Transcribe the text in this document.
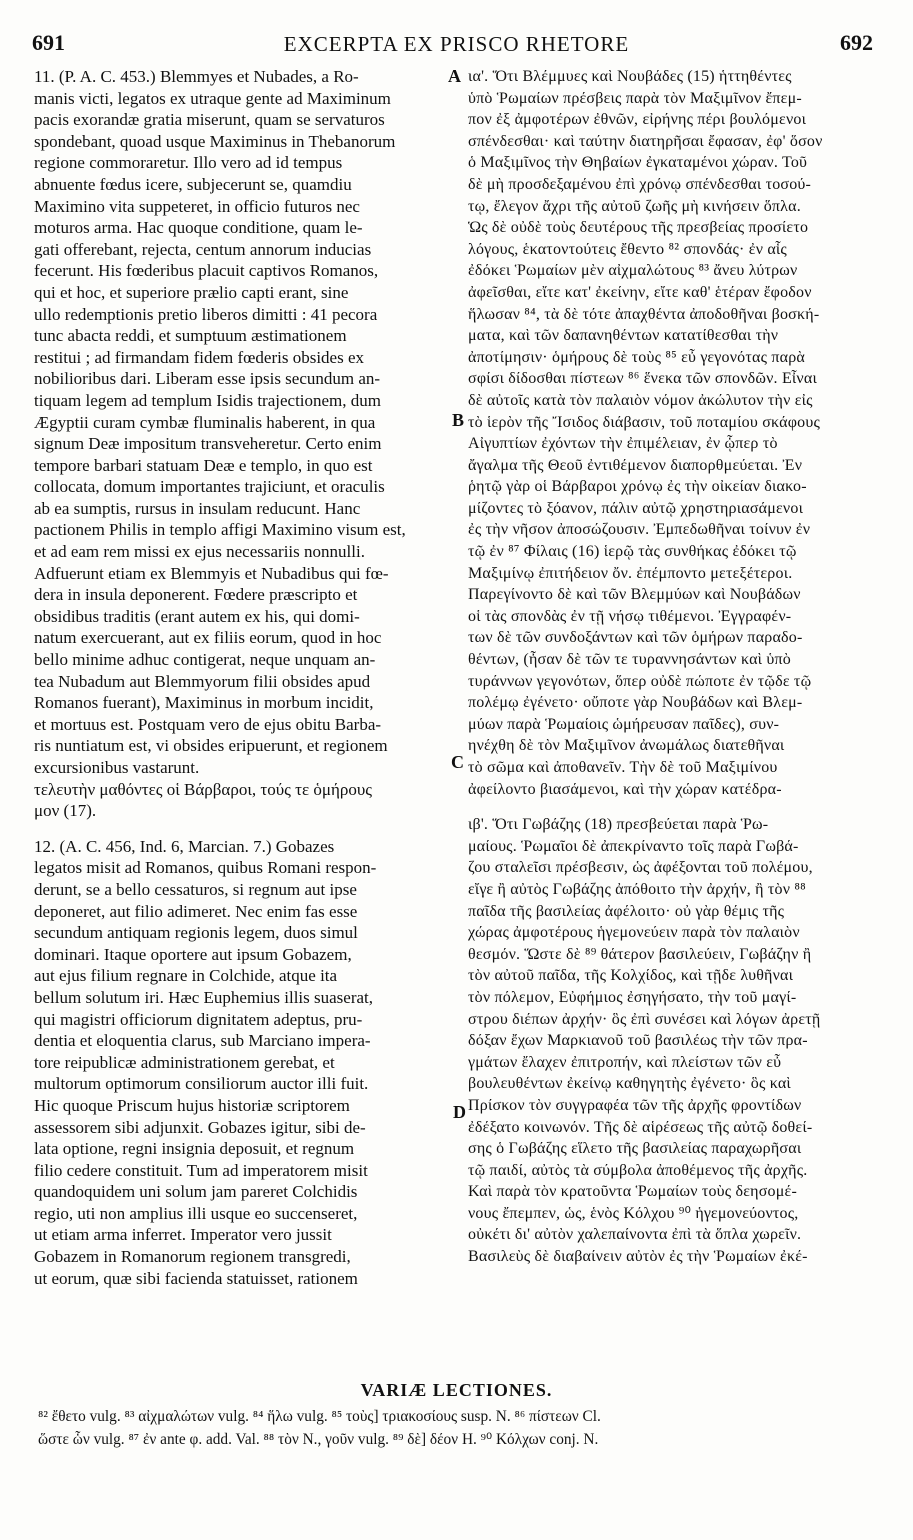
691	EXCERPTA EX PRISCO RHETORE	692
A
B
C
D
11. (P. A. C. 453.) Blemmyes et Nubades, a Ro-
manis victi, legatos ex utraque gente ad Maximinum
pacis exorandæ gratia miserunt, quam se servaturos
spondebant, quoad usque Maximinus in Thebanorum
regione commoraretur. Illo vero ad id tempus
abnuente fœdus icere, subjecerunt se, quamdiu
Maximino vita suppeteret, in officio futuros nec
moturos arma. Hac quoque conditione, quam le-
gati offerebant, rejecta, centum annorum inducias
fecerunt. His fœderibus placuit captivos Romanos,
qui et hoc, et superiore prælio capti erant, sine
ullo redemptionis pretio liberos dimitti : 41 pecora
tunc abacta reddi, et sumptuum æstimationem
restitui ; ad firmandam fidem fœderis obsides ex
nobilioribus dari. Liberam esse ipsis secundum an-
tiquam legem ad templum Isidis trajectionem, dum
Ægyptii curam cymbæ fluminalis haberent, in qua
signum Deæ impositum transveheretur. Certo enim
tempore barbari statuam Deæ e templo, in quo est
collocata, domum importantes trajiciunt, et oraculis
ab ea sumptis, rursus in insulam reducunt. Hanc
pactionem Philis in templo affigi Maximino visum est,
et ad eam rem missi ex ejus necessariis nonnulli.
Adfuerunt etiam ex Blemmyis et Nubadibus qui fœ-
dera in insula deponerent. Fœdere præscripto et
obsidibus traditis (erant autem ex his, qui domi-
natum exercuerant, aut ex filiis eorum, quod in hoc
bello minime adhuc contigerat, neque unquam an-
tea Nubadum aut Blemmyorum filii obsides apud
Romanos fuerant), Maximinus in morbum incidit,
et mortuus est. Postquam vero de ejus obitu Barba-
ris nuntiatum est, vi obsides eripuerunt, et regionem
excursionibus vastarunt.
τελευτὴν μαθόντες οἱ Βάρβαροι, τούς τε ὁμήρους
μον (17).
12. (A. C. 456, Ind. 6, Marcian. 7.) Gobazes
legatos misit ad Romanos, quibus Romani respon-
derunt, se a bello cessaturos, si regnum aut ipse
deponeret, aut filio adimeret. Nec enim fas esse
secundum antiquam regionis legem, duos simul
dominari. Itaque oportere aut ipsum Gobazem,
aut ejus filium regnare in Colchide, atque ita
bellum solutum iri. Hæc Euphemius illis suaserat,
qui magistri officiorum dignitatem adeptus, pru-
dentia et eloquentia clarus, sub Marciano impera-
tore reipublicæ administrationem gerebat, et
multorum optimorum consiliorum auctor illi fuit.
Hic quoque Priscum hujus historiæ scriptorem
assessorem sibi adjunxit. Gobazes igitur, sibi de-
lata optione, regni insignia deposuit, et regnum
filio cedere constituit. Tum ad imperatorem misit
quandoquidem uni solum jam pareret Colchidis
regio, uti non amplius illi usque eo succenseret,
ut etiam arma inferret. Imperator vero jussit
Gobazem in Romanorum regionem transgredi,
ut eorum, quæ sibi facienda statuisset, rationem
ια'. Ὅτι Βλέμμυες καὶ Νουβάδες (15) ἡττηθέντες
ὑπὸ Ῥωμαίων πρέσβεις παρὰ τὸν Μαξιμῖνον ἔπεμ-
πον ἐξ ἀμφοτέρων ἐθνῶν, εἰρήνης πέρι βουλόμενοι
σπένδεσθαι· καὶ ταύτην διατηρῆσαι ἔφασαν, ἐφ' ὅσον
ὁ Μαξιμῖνος τὴν Θηβαίων ἐγκαταμένοι χώραν. Τοῦ
δὲ μὴ προσδεξαμένου ἐπὶ χρόνῳ σπένδεσθαι τοσού-
τῳ, ἔλεγον ἄχρι τῆς αὐτοῦ ζωῆς μὴ κινήσειν ὅπλα.
Ὡς δὲ οὐδὲ τοὺς δευτέρους τῆς πρεσβείας προσίετο
λόγους, ἑκατοντούτεις ἔθεντο ⁸² σπονδάς· ἐν αἷς
ἐδόκει Ῥωμαίων μὲν αἰχμαλώτους ⁸³ ἄνευ λύτρων
ἀφεῖσθαι, εἴτε κατ' ἐκείνην, εἴτε καθ' ἑτέραν ἔφοδον
ἥλωσαν ⁸⁴, τὰ δὲ τότε ἀπαχθέντα ἀποδοθῆναι βοσκή-
ματα, καὶ τῶν δαπανηθέντων κατατίθεσθαι τὴν
ἀποτίμησιν· ὁμήρους δὲ τοὺς ⁸⁵ εὖ γεγονότας παρὰ
σφίσι δίδοσθαι πίστεων ⁸⁶ ἕνεκα τῶν σπονδῶν. Εἶναι
δὲ αὐτοῖς κατὰ τὸν παλαιὸν νόμον ἀκώλυτον τὴν εἰς
τὸ ἱερὸν τῆς Ἴσιδος διάβασιν, τοῦ ποταμίου σκάφους
Αἰγυπτίων ἐχόντων τὴν ἐπιμέλειαν, ἐν ᾧπερ τὸ
ἄγαλμα τῆς Θεοῦ ἐντιθέμενον διαπορθμεύεται. Ἐν
ῥητῷ γὰρ οἱ Βάρβαροι χρόνῳ ἐς τὴν οἰκείαν διακο-
μίζοντες τὸ ξόανον, πάλιν αὐτῷ χρηστηριασάμενοι
ἐς τὴν νῆσον ἀποσώζουσιν. Ἐμπεδωθῆναι τοίνυν ἐν
τῷ ἐν ⁸⁷ Φίλαις (16) ἱερῷ τὰς συνθήκας ἐδόκει τῷ
Μαξιμίνῳ ἐπιτήδειον ὄν. ἐπέμποντο μετεξέτεροι.
Παρεγίνοντο δὲ καὶ τῶν Βλεμμύων καὶ Νουβάδων
οἱ τὰς σπονδὰς ἐν τῇ νήσῳ τιθέμενοι. Ἐγγραφέν-
των δὲ τῶν συνδοξάντων καὶ τῶν ὁμήρων παραδο-
θέντων, (ἦσαν δὲ τῶν τε τυραννησάντων καὶ ὑπὸ
τυράννων γεγονότων, ὅπερ οὐδὲ πώποτε ἐν τῷδε τῷ
πολέμῳ ἐγένετο· οὔποτε γὰρ Νουβάδων καὶ Βλεμ-
μύων παρὰ Ῥωμαίοις ὡμήρευσαν παῖδες), συν-
ηνέχθη δὲ τὸν Μαξιμῖνον ἀνωμάλως διατεθῆναι
τὸ σῶμα καὶ ἀποθανεῖν. Τὴν δὲ τοῦ Μαξιμίνου
ἀφείλοντο βιασάμενοι, καὶ τὴν χώραν κατέδρα-
ιβ'. Ὅτι Γωβάζης (18) πρεσβεύεται παρὰ Ῥω-
μαίους. Ῥωμαῖοι δὲ ἀπεκρίναντο τοῖς παρὰ Γωβά-
ζου σταλεῖσι πρέσβεσιν, ὡς ἀφέξονται τοῦ πολέμου,
εἴγε ἢ αὐτὸς Γωβάζης ἀπόθοιτο τὴν ἀρχήν, ἢ τὸν ⁸⁸
παῖδα τῆς βασιλείας ἀφέλοιτο· οὐ γὰρ θέμις τῆς
χώρας ἀμφοτέρους ἡγεμονεύειν παρὰ τὸν παλαιὸν
θεσμόν. Ὥστε δὲ ⁸⁹ θάτερον βασιλεύειν, Γωβάζην ἢ
τὸν αὐτοῦ παῖδα, τῆς Κολχίδος, καὶ τῇδε λυθῆναι
τὸν πόλεμον, Εὐφήμιος ἐσηγήσατο, τὴν τοῦ μαγί-
στρου διέπων ἀρχήν· ὃς ἐπὶ συνέσει καὶ λόγων ἀρετῇ
δόξαν ἔχων Μαρκιανοῦ τοῦ βασιλέως τὴν τῶν πρα-
γμάτων ἔλαχεν ἐπιτροπήν, καὶ πλείστων τῶν εὖ
βουλευθέντων ἐκείνῳ καθηγητὴς ἐγένετο· ὃς καὶ
Πρίσκον τὸν συγγραφέα τῶν τῆς ἀρχῆς φροντίδων
ἐδέξατο κοινωνόν. Τῆς δὲ αἱρέσεως τῆς αὐτῷ δοθεί-
σης ὁ Γωβάζης εἵλετο τῆς βασιλείας παραχωρῆσαι
τῷ παιδί, αὐτὸς τὰ σύμβολα ἀποθέμενος τῆς ἀρχῆς.
Καὶ παρὰ τὸν κρατοῦντα Ῥωμαίων τοὺς δεησομέ-
νους ἔπεμπεν, ὡς, ἑνὸς Κόλχου ⁹⁰ ἡγεμονεύοντος,
οὐκέτι δι' αὐτὸν χαλεπαίνοντα ἐπὶ τὰ ὅπλα χωρεῖν.
Βασιλεὺς δὲ διαβαίνειν αὐτὸν ἐς τὴν Ῥωμαίων ἐκέ-
VARIÆ LECTIONES.
⁸² ἔθετο vulg. ⁸³ αἰχμαλώτων vulg. ⁸⁴ ἥλω vulg. ⁸⁵ τοὺς] τριακοσίους susp. N. ⁸⁶ πίστεων Cl.
ὥστε ὧν vulg. ⁸⁷ ἐν ante φ. add. Val. ⁸⁸ τὸν N., γοῦν vulg. ⁸⁹ δὲ] δέον H. ⁹⁰ Κόλχων conj. N.
